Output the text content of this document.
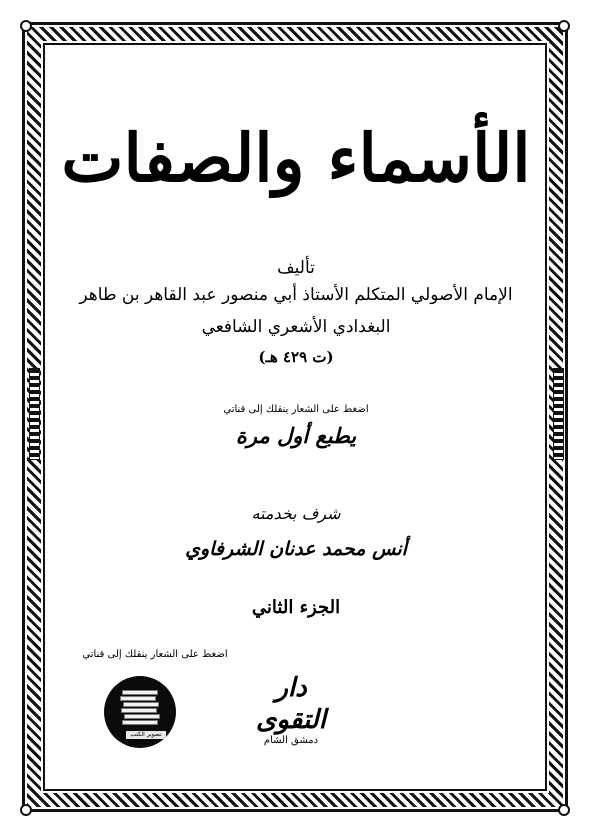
الأسماء والصفات
تأليف
الإمام الأصولي المتكلم الأستاذ أبي منصور عبد القاهر بن طاهر
البغدادي الأشعري الشافعي
(ت ٤٢٩ هـ)
اضغط على الشعار ينقلك إلى قناتي
يطبع أول مرة
شرف بخدمته
أنس محمد عدنان الشرفاوي
الجزء الثاني
اضغط على الشعار ينقلك إلى قناتي
تصوير الكتب
دار التقوى
دمشق الشام
